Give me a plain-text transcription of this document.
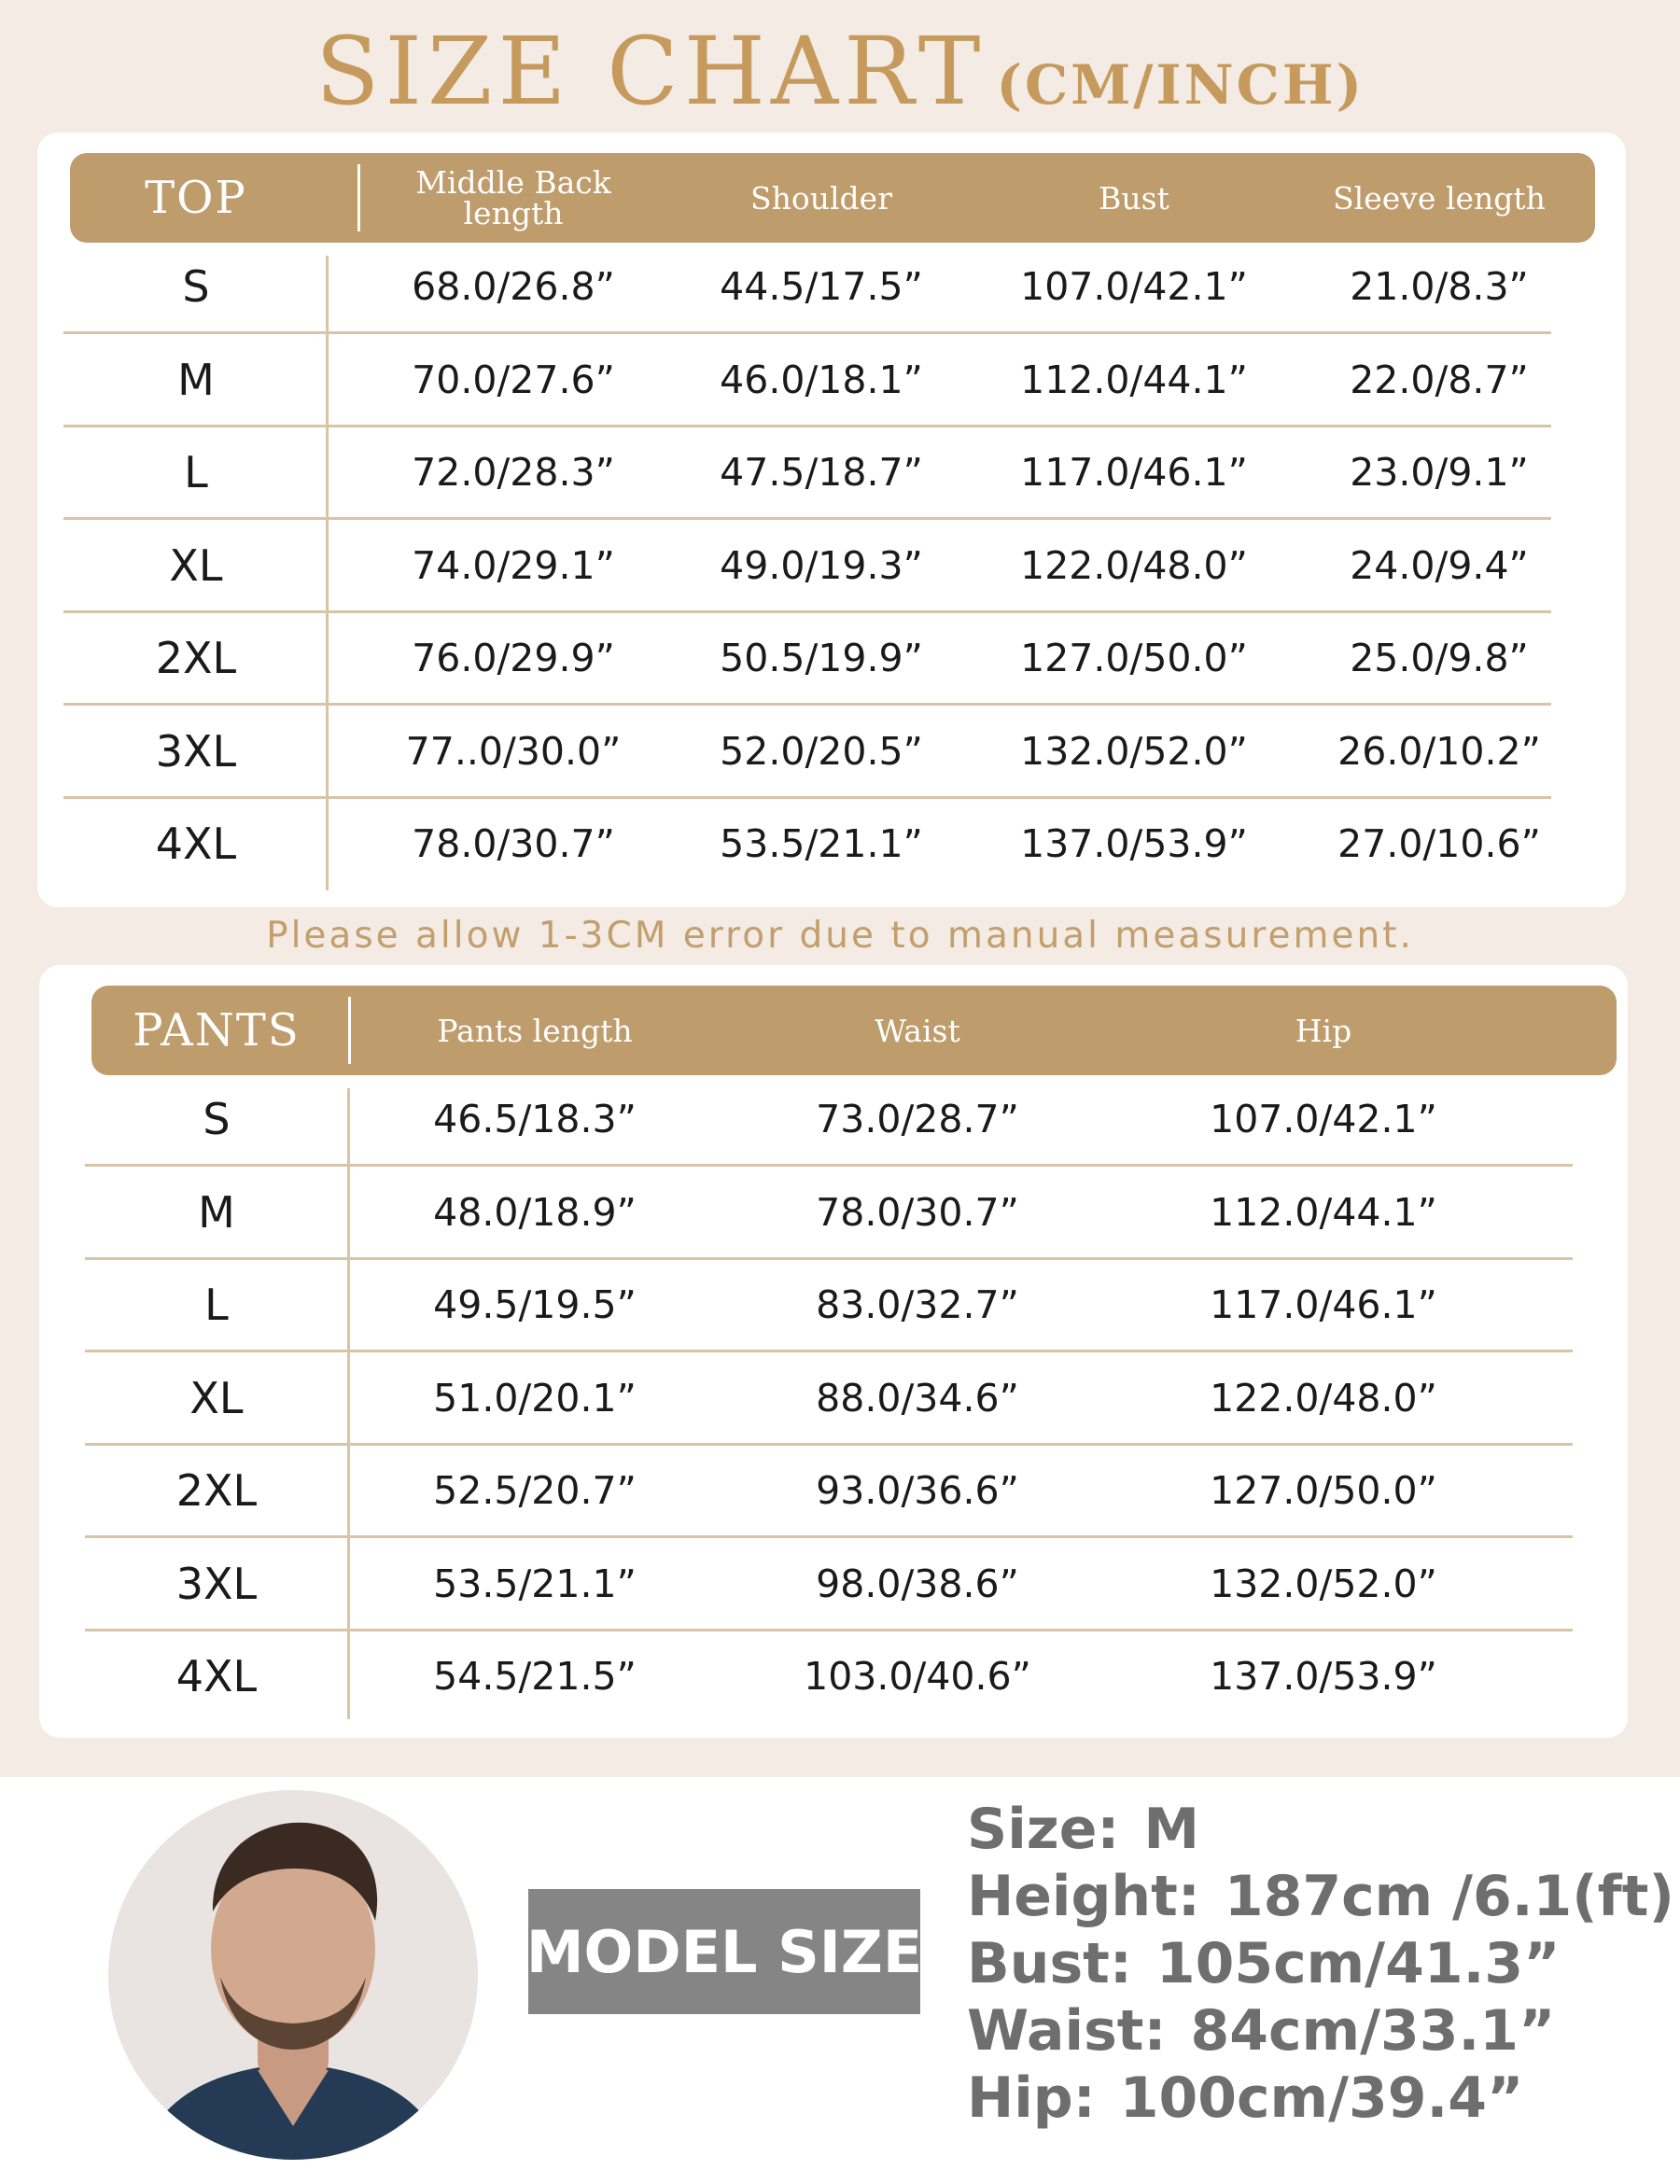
SIZE CHART (CM/INCH)
TOP	Middle Back length	Shoulder	Bust	Sleeve length
S	68.0/26.8”	44.5/17.5”	107.0/42.1”	21.0/8.3”
M	70.0/27.6”	46.0/18.1”	112.0/44.1”	22.0/8.7”
L	72.0/28.3”	47.5/18.7”	117.0/46.1”	23.0/9.1”
XL	74.0/29.1”	49.0/19.3”	122.0/48.0”	24.0/9.4”
2XL	76.0/29.9”	50.5/19.9”	127.0/50.0”	25.0/9.8”
3XL	77..0/30.0”	52.0/20.5”	132.0/52.0”	26.0/10.2”
4XL	78.0/30.7”	53.5/21.1”	137.0/53.9”	27.0/10.6”
Please allow 1-3CM error due to manual measurement.
PANTS	Pants length	Waist	Hip
S	46.5/18.3”	73.0/28.7”	107.0/42.1”
M	48.0/18.9”	78.0/30.7”	112.0/44.1”
L	49.5/19.5”	83.0/32.7”	117.0/46.1”
XL	51.0/20.1”	88.0/34.6”	122.0/48.0”
2XL	52.5/20.7”	93.0/36.6”	127.0/50.0”
3XL	53.5/21.1”	98.0/38.6”	132.0/52.0”
4XL	54.5/21.5”	103.0/40.6”	137.0/53.9”
MODEL SIZE
Size: M
Height: 187cm /6.1(ft)
Bust: 105cm/41.3”
Waist: 84cm/33.1”
Hip: 100cm/39.4”
